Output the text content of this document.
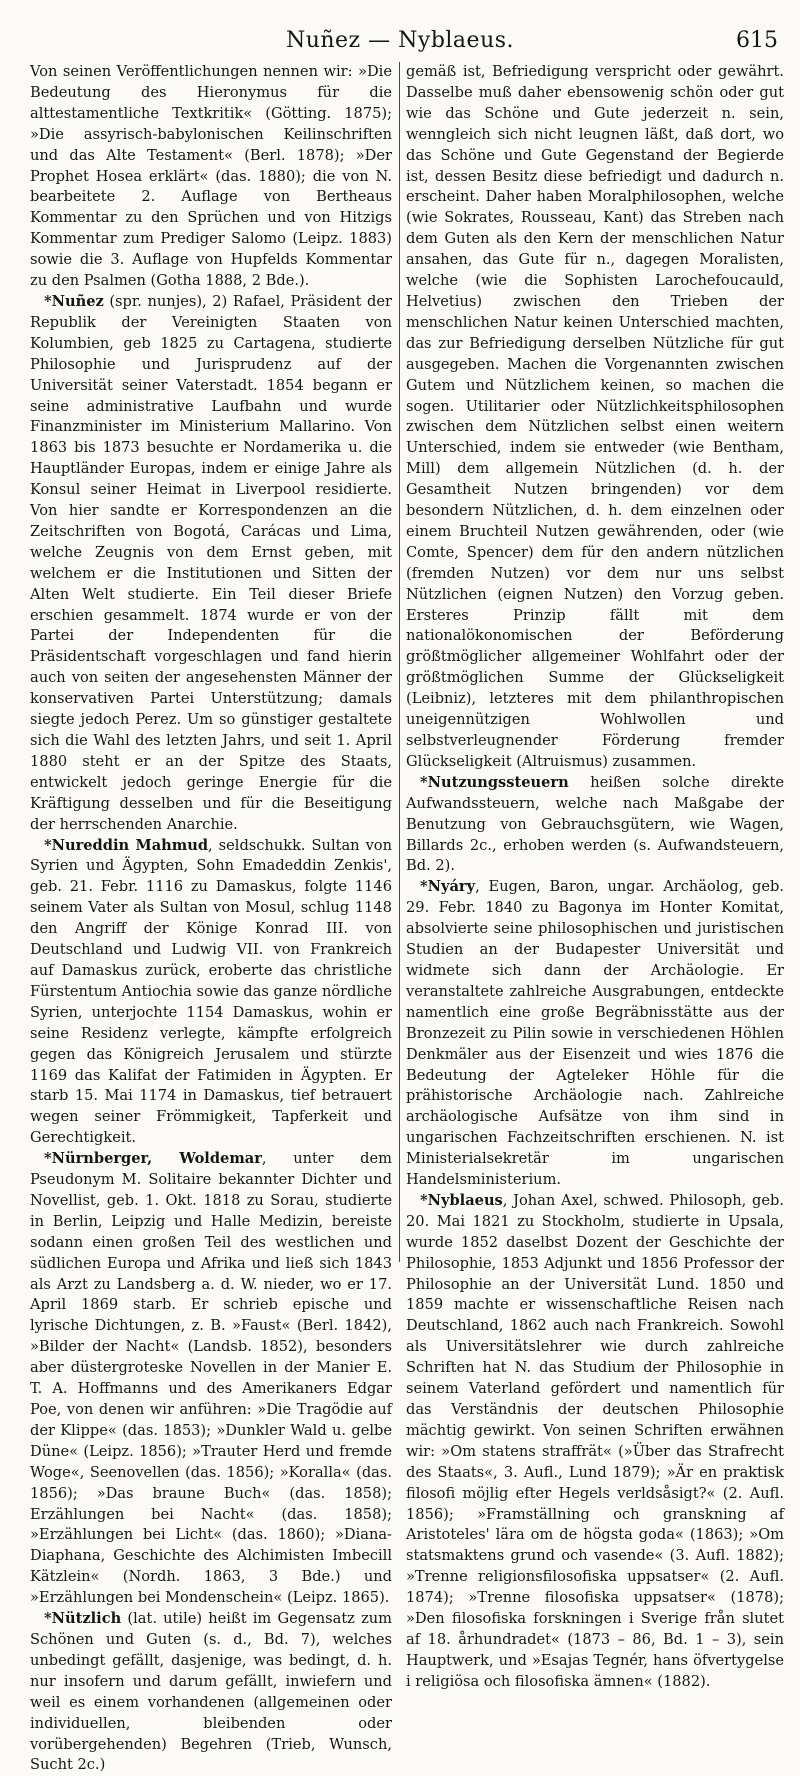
Nuñez — Nyblaeus.	615

Von seinen Veröffentlichungen nennen wir: »Die Bedeutung des Hieronymus für die alttestamentliche Textkritik« (Götting. 1875); »Die assyrisch-babylonischen Keilinschriften und das Alte Testament« (Berl. 1878); »Der Prophet Hosea erklärt« (das. 1880); die von N. bearbeitete 2. Auflage von Bertheaus Kommentar zu den Sprüchen und von Hitzigs Kommentar zum Prediger Salomo (Leipz. 1883) sowie die 3. Auflage von Hupfelds Kommentar zu den Psalmen (Gotha 1888, 2 Bde.).

*Nuñez (spr. nunjes), 2) Rafael, Präsident der Republik der Vereinigten Staaten von Kolumbien, geb 1825 zu Cartagena, studierte Philosophie und Jurisprudenz auf der Universität seiner Vaterstadt. 1854 begann er seine administrative Laufbahn und wurde Finanzminister im Ministerium Mallarino. Von 1863 bis 1873 besuchte er Nordamerika u. die Hauptländer Europas, indem er einige Jahre als Konsul seiner Heimat in Liverpool residierte. Von hier sandte er Korrespondenzen an die Zeitschriften von Bogotá, Carácas und Lima, welche Zeugnis von dem Ernst geben, mit welchem er die Institutionen und Sitten der Alten Welt studierte. Ein Teil dieser Briefe erschien gesammelt. 1874 wurde er von der Partei der Independenten für die Präsidentschaft vorgeschlagen und fand hierin auch von seiten der angesehensten Männer der konservativen Partei Unterstützung; damals siegte jedoch Perez. Um so günstiger gestaltete sich die Wahl des letzten Jahrs, und seit 1. April 1880 steht er an der Spitze des Staats, entwickelt jedoch geringe Energie für die Kräftigung desselben und für die Beseitigung der herrschenden Anarchie.

*Nureddin Mahmud, seldschukk. Sultan von Syrien und Ägypten, Sohn Emadeddin Zenkis', geb. 21. Febr. 1116 zu Damaskus, folgte 1146 seinem Vater als Sultan von Mosul, schlug 1148 den Angriff der Könige Konrad III. von Deutschland und Ludwig VII. von Frankreich auf Damaskus zurück, eroberte das christliche Fürstentum Antiochia sowie das ganze nördliche Syrien, unterjochte 1154 Damaskus, wohin er seine Residenz verlegte, kämpfte erfolgreich gegen das Königreich Jerusalem und stürzte 1169 das Kalifat der Fatimiden in Ägypten. Er starb 15. Mai 1174 in Damaskus, tief betrauert wegen seiner Frömmigkeit, Tapferkeit und Gerechtigkeit.

*Nürnberger, Woldemar, unter dem Pseudonym M. Solitaire bekannter Dichter und Novellist, geb. 1. Okt. 1818 zu Sorau, studierte in Berlin, Leipzig und Halle Medizin, bereiste sodann einen großen Teil des westlichen und südlichen Europa und Afrika und ließ sich 1843 als Arzt zu Landsberg a. d. W. nieder, wo er 17. April 1869 starb. Er schrieb epische und lyrische Dichtungen, z. B. »Faust« (Berl. 1842), »Bilder der Nacht« (Landsb. 1852), besonders aber düstergroteske Novellen in der Manier E. T. A. Hoffmanns und des Amerikaners Edgar Poe, von denen wir anführen: »Die Tragödie auf der Klippe« (das. 1853); »Dunkler Wald u. gelbe Düne« (Leipz. 1856); »Trauter Herd und fremde Woge«, Seenovellen (das. 1856); »Koralla« (das. 1856); »Das braune Buch« (das. 1858); Erzählungen bei Nacht« (das. 1858); »Erzählungen bei Licht« (das. 1860); »Diana-Diaphana, Geschichte des Alchimisten Imbecill Kätzlein« (Nordh. 1863, 3 Bde.) und »Erzählungen bei Mondenschein« (Leipz. 1865).

*Nützlich (lat. utile) heißt im Gegensatz zum Schönen und Guten (s. d., Bd. 7), welches unbedingt gefällt, dasjenige, was bedingt, d. h. nur insofern und darum gefällt, inwiefern und weil es einem vorhandenen (allgemeinen oder individuellen, bleibenden oder vorübergehenden) Begehren (Trieb, Wunsch, Sucht 2c.)

gemäß ist, Befriedigung verspricht oder gewährt. Dasselbe muß daher ebensowenig schön oder gut wie das Schöne und Gute jederzeit n. sein, wenngleich sich nicht leugnen läßt, daß dort, wo das Schöne und Gute Gegenstand der Begierde ist, dessen Besitz diese befriedigt und dadurch n. erscheint. Daher haben Moralphilosophen, welche (wie Sokrates, Rousseau, Kant) das Streben nach dem Guten als den Kern der menschlichen Natur ansahen, das Gute für n., dagegen Moralisten, welche (wie die Sophisten Larochefoucauld, Helvetius) zwischen den Trieben der menschlichen Natur keinen Unterschied machten, das zur Befriedigung derselben Nützliche für gut ausgegeben. Machen die Vorgenannten zwischen Gutem und Nützlichem keinen, so machen die sogen. Utilitarier oder Nützlichkeitsphilosophen zwischen dem Nützlichen selbst einen weitern Unterschied, indem sie entweder (wie Bentham, Mill) dem allgemein Nützlichen (d. h. der Gesamtheit Nutzen bringenden) vor dem besondern Nützlichen, d. h. dem einzelnen oder einem Bruchteil Nutzen gewährenden, oder (wie Comte, Spencer) dem für den andern nützlichen (fremden Nutzen) vor dem nur uns selbst Nützlichen (eignen Nutzen) den Vorzug geben. Ersteres Prinzip fällt mit dem nationalökonomischen der Beförderung größtmöglicher allgemeiner Wohlfahrt oder der größtmöglichen Summe der Glückseligkeit (Leibniz), letzteres mit dem philanthropischen uneigennützigen Wohlwollen und selbstverleugnender Förderung fremder Glückseligkeit (Altruismus) zusammen.

*Nutzungssteuern heißen solche direkte Aufwandssteuern, welche nach Maßgabe der Benutzung von Gebrauchsgütern, wie Wagen, Billards 2c., erhoben werden (s. Aufwandsteuern, Bd. 2).

*Nyáry, Eugen, Baron, ungar. Archäolog, geb. 29. Febr. 1840 zu Bagonya im Honter Komitat, absolvierte seine philosophischen und juristischen Studien an der Budapester Universität und widmete sich dann der Archäologie. Er veranstaltete zahlreiche Ausgrabungen, entdeckte namentlich eine große Begräbnisstätte aus der Bronzezeit zu Pilin sowie in verschiedenen Höhlen Denkmäler aus der Eisenzeit und wies 1876 die Bedeutung der Agteleker Höhle für die prähistorische Archäologie nach. Zahlreiche archäologische Aufsätze von ihm sind in ungarischen Fachzeitschriften erschienen. N. ist Ministerialsekretär im ungarischen Handelsministerium.

*Nyblaeus, Johan Axel, schwed. Philosoph, geb. 20. Mai 1821 zu Stockholm, studierte in Upsala, wurde 1852 daselbst Dozent der Geschichte der Philosophie, 1853 Adjunkt und 1856 Professor der Philosophie an der Universität Lund. 1850 und 1859 machte er wissenschaftliche Reisen nach Deutschland, 1862 auch nach Frankreich. Sowohl als Universitätslehrer wie durch zahlreiche Schriften hat N. das Studium der Philosophie in seinem Vaterland gefördert und namentlich für das Verständnis der deutschen Philosophie mächtig gewirkt. Von seinen Schriften erwähnen wir: »Om statens straffrät« (»Über das Strafrecht des Staats«, 3. Aufl., Lund 1879); »Är en praktisk filosofi möjlig efter Hegels verldsåsigt?« (2. Aufl. 1856); »Framställning och granskning af Aristoteles' lära om de högsta goda« (1863); »Om statsmaktens grund och vasende« (3. Aufl. 1882); »Trenne religionsfilosofiska uppsatser« (2. Aufl. 1874); »Trenne filosofiska uppsatser« (1878); »Den filosofiska forskningen i Sverige från slutet af 18. århundradet« (1873 – 86, Bd. 1 – 3), sein Hauptwerk, und »Esajas Tegnér, hans öfvertygelse i religiösa och filosofiska ämnen« (1882).
